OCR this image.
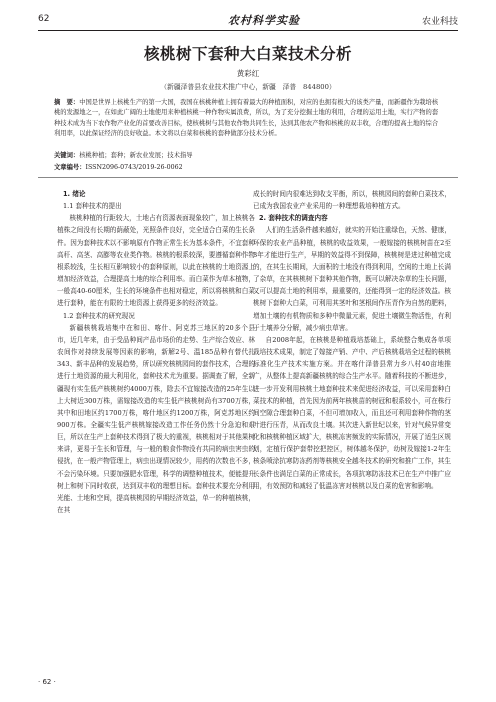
62	农村科学实验	农业科技
核桃树下套种大白菜技术分析
黄彩红
（新疆泽普县农业技术推广中心，新疆　泽普　844800）
摘　要：中国是世界上核桃生产的第一大国，我国在核桃种植上拥有着最大的种植面积，对应的也拥有极大的该类产量，而新疆作为栽培核桃的发源地之一，在如此广阔的土地使用来种植核桃一种作物实属浪费，所以，为了充分挖掘土地的利用，合理的运用土地，实行产物的套种技术成为当下农作物产业化的首要改善目标，使核桃树与其他农作物共同生长，达到其他农产物和核桃的双丰收，合理的提高土地的综合利用率，以此保证经济的良好收益。本文将以白菜和核桃的套种做部分技术分析。
关键词：核桃种植；套种；新农业发展；技术指导
文章编号：ISSN2096-0743/2019-26-0062

1. 绪论

1.1 套种技术的提出

核桃种植的行距较大，土地占有资源表面现象较广，加上核桃各植株之间没有长期的荫蔽处，光照条件良好，完全适合白菜的生长条件。因为套种技术以不影响原有作物正常生长为基本条件，不宜套种高秆、高茎、高膨等农业类作物。核桃的根系较深，要遵循套种作物根系较浅，生长相互影响较小的套种原则，以此在核桃的土地资源上增加经济效益，合理提高土地的综合利用率。而白菜作为草本植物，一般高40-60厘米，生长的环境条件也相对稳定，所以将核桃和白菜进行套种，能在有限的土地资源上获得更多的经济效益。

1.2 套种技术的研究现况

新疆核桃栽培集中在和田、喀什、阿克苏三地区的20多个县市，近几年来，由于受品种间产品市场价的走势、生产综合效应、林农间作对持续发展等因素的影响，新解2号、温185品种有替代扎343、新丰品种的发展趋势，所以研究核桃园间的套作技术，合理的进行土地资源的最大利用化，套种技术尤为重要。据调查了解，全新疆现有实生低产核桃树约4000万株，除去不宜嫁接改造的25年生以上大树近300万株，需嫁接改造的实生低产核桃树尚有3700万株，其中和田地区约1700万株，喀什地区约1200万株，阿克苏地区约900万株。全疆实生低产核桃嫁接改造工作任务仍然十分急迫和艰巨，所以在生产上套种技术得到了极大的重视，核桃相对于其他果树来讲，更易于生长和管理，与一般的粮食作物没有共同的病虫害虫的侵扰，在一般产物管理上，病虫出现情况较少，用药的次数也不多，不会污染环境。只要加强肥水管理，科学的调整种植技术，便能提升树上和树下同时收获，达到双丰收的理想目标。套种技术要充分利用光能、土地和空间，提高核桃园的早期经济效益，单一的种植核桃，在其

成长的时间内很难达到收支平衡，所以，核桃园间的套种白菜技术，已成为我国农业产业采用的一种理想栽培种植方式。

2. 套种技术的调查内容

人们的生活条件越来越好，就实的开始注重绿色，天然、健康，环保的农业产品种植，核桃的收益效果，一般嫁接的核桃树苗在2至3年才能进行生产，早期的效益得不到保障，核桃树是进过种植完成的，在其生长期间，大面积的土地没有得到利用，空闲的土地上长满了杂草，在其核桃树下套种其他作物，既可以解决杂草的生长问题，又可以提高土地的利用率，最重要的，还能得到一定的经济效益。核桃树下套种大白菜，可利用其茎叶和茎根间作压青作为自然的肥料，增加土壤的有机物质和多种中微量元素，促进土壤微生物活性，有利于土壤养分分解，减少病虫草害。

自2008年起，在核桃是种植栽培基础上，系统整合集成各单项栽培技术成果，制定了嫁接产销、产中、产后核桃栽培全过程的核桃标准化生产技术实施方案。并在喀什泽普县常力乡八村40亩地推广，从整体上提高新疆核桃的综合生产水平。随着科技的不断进步，进一步开发利用核桃土地套种技术来促进经济收益，可以采用套种白菜技术的种植，首先因为前两年核桃苗的树冠和根系较小，可在株行间空隙合理套种白菜，不但可增加收入，而且还可利用套种作物的茎叶进行压青，从而改良土壤。其次进入新世纪以来，针对气候异常变化和核桃种植区域扩大，核桃冻害频发的实际情况，开展了适生区规划，定植行保护套带挖把控区，树体越冬保护，幼树及嫁接1-2年生核条喷涂抗寒防冻药剂等核桃安全越冬技术的研究和推广工作，其生长条件也满足白菜的正常成长，各项抗寒防冻技术已在生产中推广应用，有效预防和减轻了低温冻害对核桃以及白菜的危害和影响。

· 62 ·
